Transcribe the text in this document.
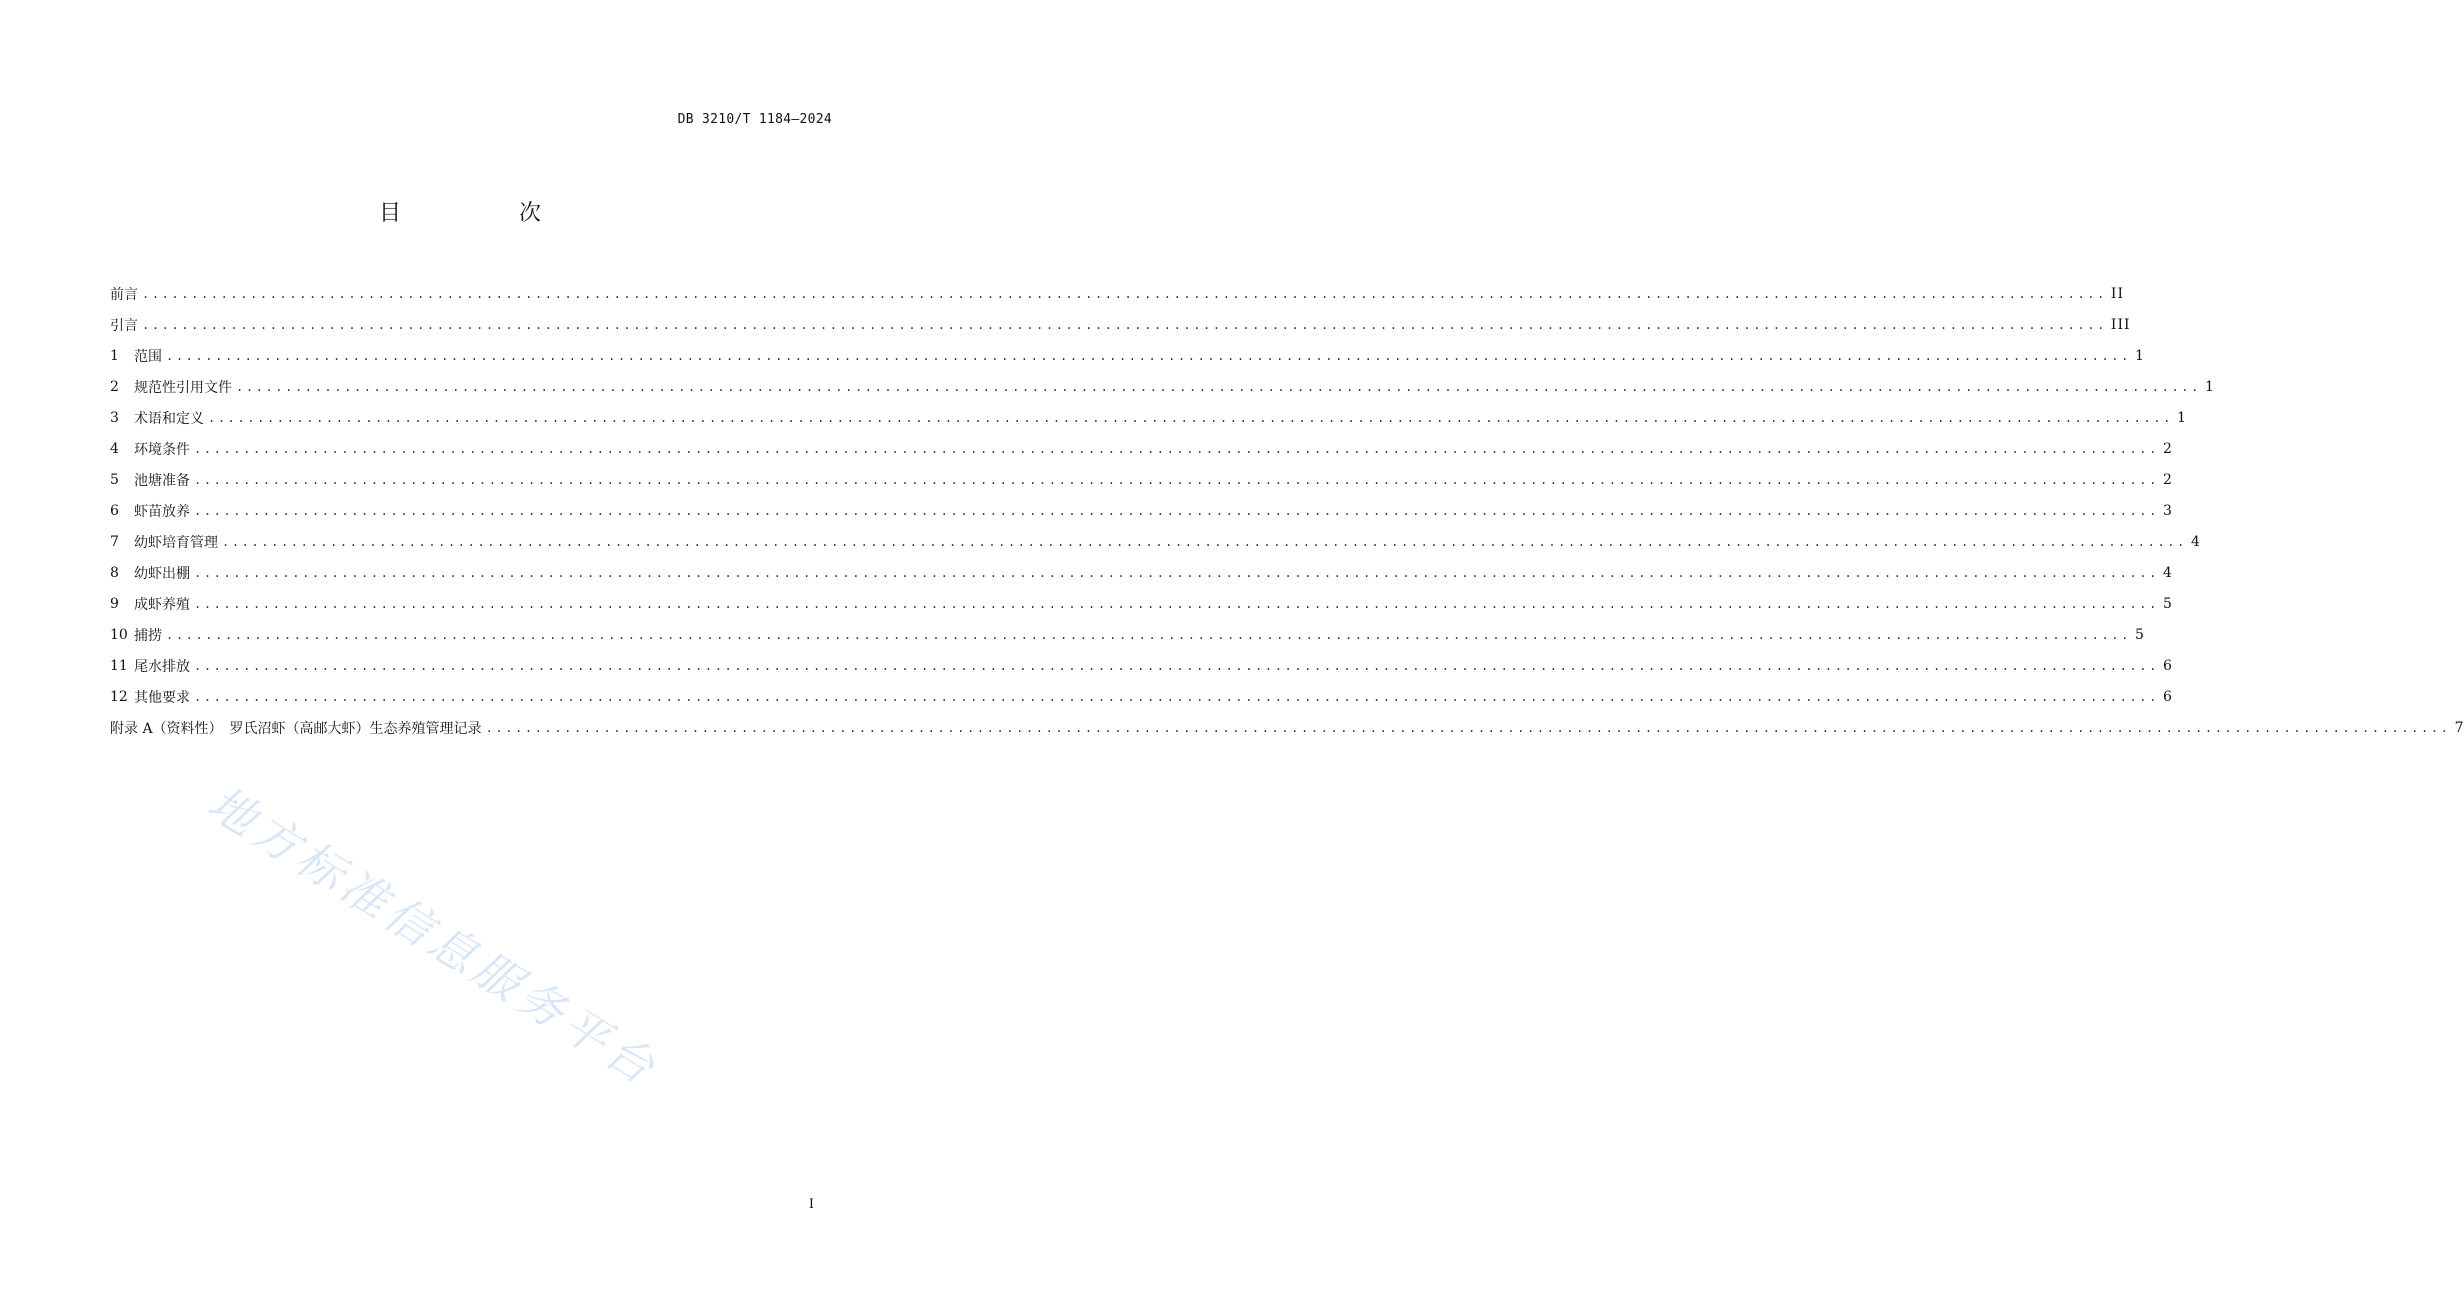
DB 3210/T 1184—2024
目　次
前言 ........................................................................................................................................................................................................ II
引言 ........................................................................................................................................................................................................ III
1	范围 ........................................................................................................................................................................................................ 1
2	规范性引用文件 ........................................................................................................................................................................................................ 1
3	术语和定义 ........................................................................................................................................................................................................ 1
4	环境条件 ........................................................................................................................................................................................................ 2
5	池塘准备 ........................................................................................................................................................................................................ 2
6	虾苗放养 ........................................................................................................................................................................................................ 3
7	幼虾培育管理 ........................................................................................................................................................................................................ 4
8	幼虾出棚 ........................................................................................................................................................................................................ 4
9	成虾养殖 ........................................................................................................................................................................................................ 5
10 捕捞 ........................................................................................................................................................................................................ 5
11 尾水排放 ........................................................................................................................................................................................................ 6
12 其他要求 ........................................................................................................................................................................................................ 6
附录 A（资料性）　罗氏沼虾（高邮大虾）生态养殖管理记录 ........................................................................................................................................................................................................ 7
地方标准信息服务平台
I
